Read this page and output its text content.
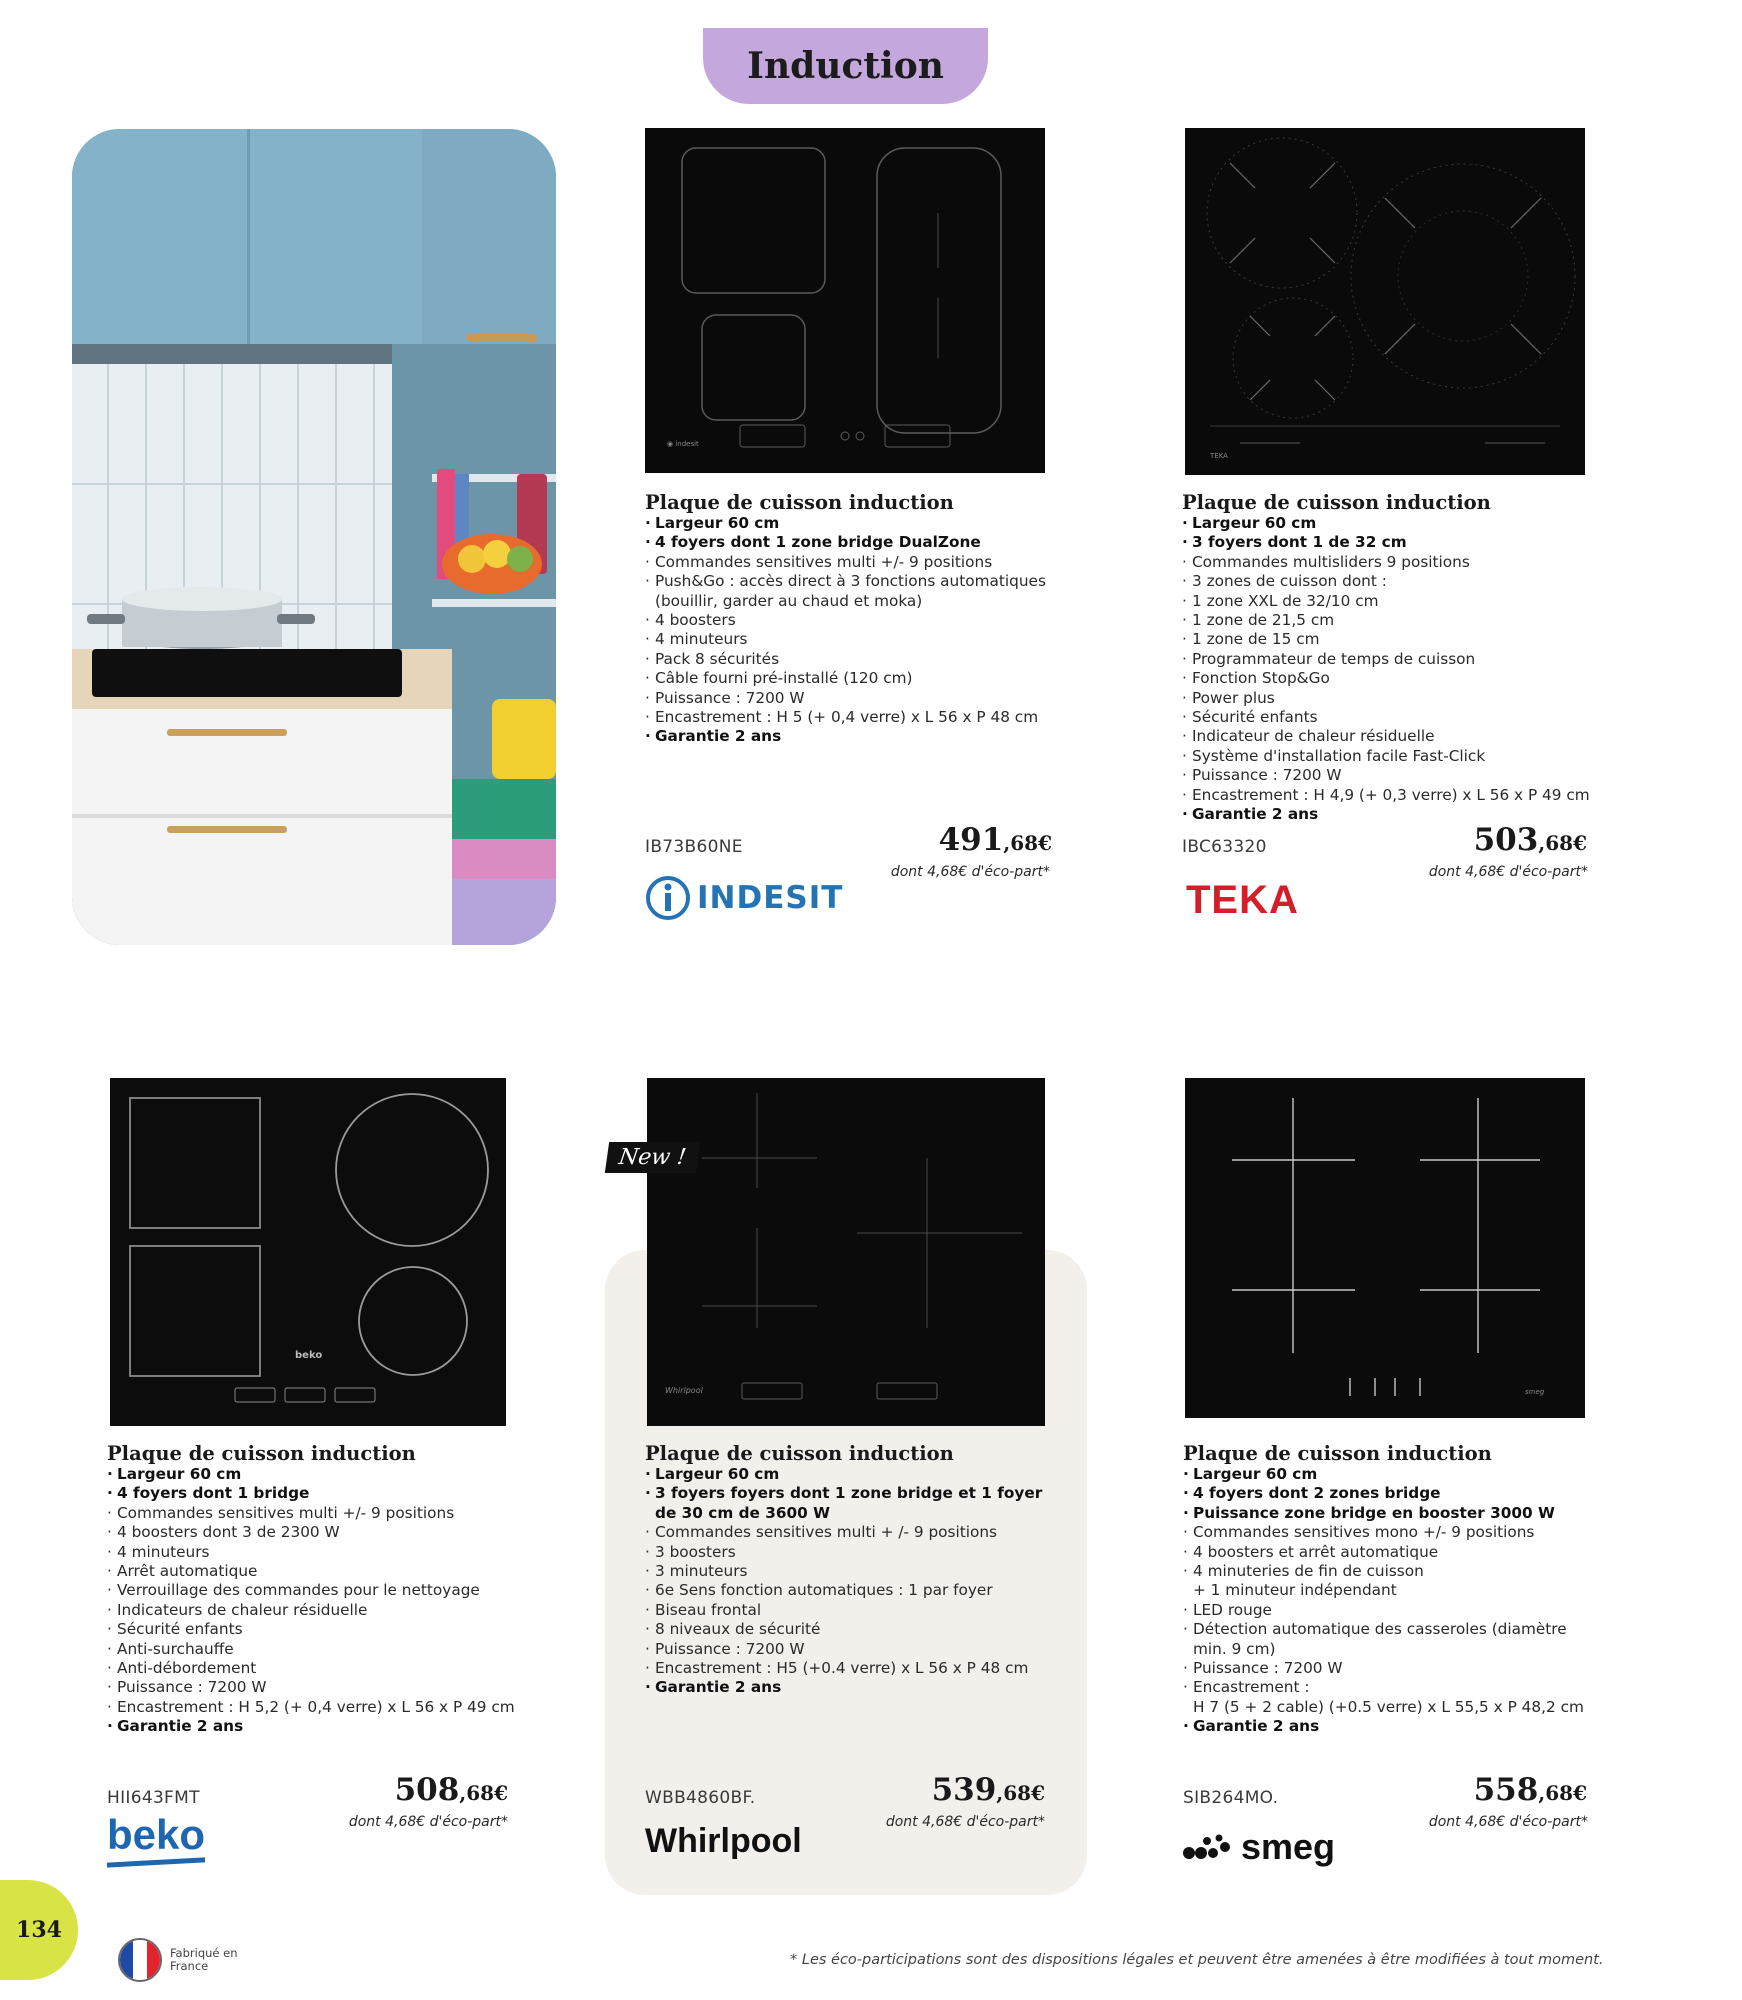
Induction
◉ indesit
TEKA
beko
Whirlpool	smeg
New !
Plaque de cuisson induction
· Largeur 60 cm
· 4 foyers dont 1 zone bridge DualZone
· Commandes sensitives multi +/- 9 positions
· Push&Go : accès direct à 3 fonctions automatiques
(bouillir, garder au chaud et moka)
· 4 boosters
· 4 minuteurs
· Pack 8 sécurités
· Câble fourni pré-installé (120 cm)
· Puissance : 7200 W
· Encastrement : H 5 (+ 0,4 verre) x L 56 x P 48 cm
· Garantie 2 ans
IB73B60NE	491,68€
dont 4,68€ d'éco-part*
INDESIT
Plaque de cuisson induction
· Largeur 60 cm
· 3 foyers dont 1 de 32 cm
· Commandes multisliders 9 positions
· 3 zones de cuisson dont :
· 1 zone XXL de 32/10 cm
· 1 zone de 21,5 cm
· 1 zone de 15 cm
· Programmateur de temps de cuisson
· Fonction Stop&Go
· Power plus
· Sécurité enfants
· Indicateur de chaleur résiduelle
· Système d'installation facile Fast-Click
· Puissance : 7200 W
· Encastrement : H 4,9 (+ 0,3 verre) x L 56 x P 49 cm
· Garantie 2 ans
IBC63320	503,68€
dont 4,68€ d'éco-part*
TEKA
Plaque de cuisson induction
· Largeur 60 cm
· 4 foyers dont 1 bridge
· Commandes sensitives multi +/- 9 positions
· 4 boosters dont 3 de 2300 W
· 4 minuteurs
· Arrêt automatique
· Verrouillage des commandes pour le nettoyage
· Indicateurs de chaleur résiduelle
· Sécurité enfants
· Anti-surchauffe
· Anti-débordement
· Puissance : 7200 W
· Encastrement : H 5,2 (+ 0,4 verre) x L 56 x P 49 cm
· Garantie 2 ans
HII643FMT	508,68€
dont 4,68€ d'éco-part*
beko
Plaque de cuisson induction
· Largeur 60 cm
· 3 foyers foyers dont 1 zone bridge et 1 foyer
de 30 cm de 3600 W
· Commandes sensitives multi + /- 9 positions
· 3 boosters
· 3 minuteurs
· 6e Sens fonction automatiques : 1 par foyer
· Biseau frontal
· 8 niveaux de sécurité
· Puissance : 7200 W
· Encastrement : H5 (+0.4 verre) x L 56 x P 48 cm
· Garantie 2 ans
WBB4860BF.	539,68€
dont 4,68€ d'éco-part*
Whirlpool
Plaque de cuisson induction
· Largeur 60 cm
· 4 foyers dont 2 zones bridge
· Puissance zone bridge en booster 3000 W
· Commandes sensitives mono +/- 9 positions
· 4 boosters et arrêt automatique
· 4 minuteries de fin de cuisson
+ 1 minuteur indépendant
· LED rouge
· Détection automatique des casseroles (diamètre
min. 9 cm)
· Puissance : 7200 W
· Encastrement :
H 7 (5 + 2 cable) (+0.5 verre) x L 55,5 x P 48,2 cm
· Garantie 2 ans
SIB264MO.	558,68€
dont 4,68€ d'éco-part*
smeg
134
Fabriqué en France	* Les éco-participations sont des dispositions légales et peuvent être amenées à être modifiées à tout moment.
